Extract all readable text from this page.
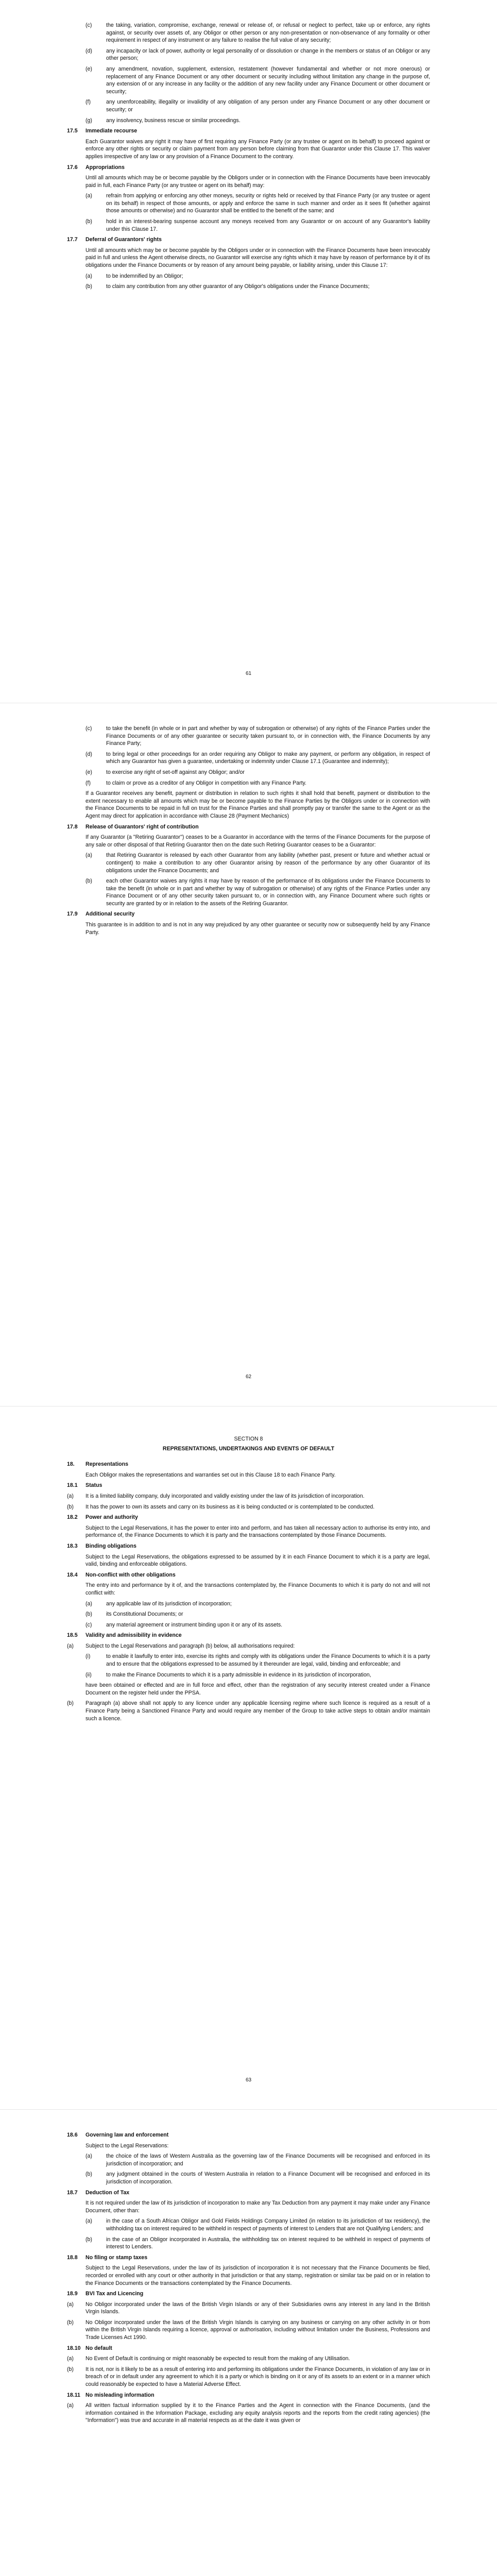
(c)	the taking, variation, compromise, exchange, renewal or release of, or refusal or neglect to perfect, take up or enforce, any rights against, or security over assets of, any Obligor or other person or any non-presentation or non-observance of any formality or other requirement in respect of any instrument or any failure to realise the full value of any security;
(d)	any incapacity or lack of power, authority or legal personality of or dissolution or change in the members or status of an Obligor or any other person;
(e)	any amendment, novation, supplement, extension, restatement (however fundamental and whether or not more onerous) or replacement of any Finance Document or any other document or security including without limitation any change in the purpose of, any extension of or any increase in any facility or the addition of any new facility under any Finance Document or other document or security;
(f)	any unenforceability, illegality or invalidity of any obligation of any person under any Finance Document or any other document or security; or
(g)	any insolvency, business rescue or similar proceedings.
17.5	Immediate recourse
Each Guarantor waives any right it may have of first requiring any Finance Party (or any trustee or agent on its behalf) to proceed against or enforce any other rights or security or claim payment from any person before claiming from that Guarantor under this Clause 17. This waiver applies irrespective of any law or any provision of a Finance Document to the contrary.
17.6	Appropriations
Until all amounts which may be or become payable by the Obligors under or in connection with the Finance Documents have been irrevocably paid in full, each Finance Party (or any trustee or agent on its behalf) may:
(a)	refrain from applying or enforcing any other moneys, security or rights held or received by that Finance Party (or any trustee or agent on its behalf) in respect of those amounts, or apply and enforce the same in such manner and order as it sees fit (whether against those amounts or otherwise) and no Guarantor shall be entitled to the benefit of the same; and
(b)	hold in an interest-bearing suspense account any moneys received from any Guarantor or on account of any Guarantor's liability under this Clause 17.
17.7	Deferral of Guarantors' rights
Until all amounts which may be or become payable by the Obligors under or in connection with the Finance Documents have been irrevocably paid in full and unless the Agent otherwise directs, no Guarantor will exercise any rights which it may have by reason of performance by it of its obligations under the Finance Documents or by reason of any amount being payable, or liability arising, under this Clause 17:
(a)	to be indemnified by an Obligor;
(b)	to claim any contribution from any other guarantor of any Obligor's obligations under the Finance Documents;
61
(c)	to take the benefit (in whole or in part and whether by way of subrogation or otherwise) of any rights of the Finance Parties under the Finance Documents or of any other guarantee or security taken pursuant to, or in connection with, the Finance Documents by any Finance Party;
(d)	to bring legal or other proceedings for an order requiring any Obligor to make any payment, or perform any obligation, in respect of which any Guarantor has given a guarantee, undertaking or indemnity under Clause 17.1 (Guarantee and indemnity);
(e)	to exercise any right of set-off against any Obligor; and/or
(f)	to claim or prove as a creditor of any Obligor in competition with any Finance Party.
If a Guarantor receives any benefit, payment or distribution in relation to such rights it shall hold that benefit, payment or distribution to the extent necessary to enable all amounts which may be or become payable to the Finance Parties by the Obligors under or in connection with the Finance Documents to be repaid in full on trust for the Finance Parties and shall promptly pay or transfer the same to the Agent or as the Agent may direct for application in accordance with Clause 28 (Payment Mechanics)
17.8	Release of Guarantors' right of contribution
If any Guarantor (a "Retiring Guarantor") ceases to be a Guarantor in accordance with the terms of the Finance Documents for the purpose of any sale or other disposal of that Retiring Guarantor then on the date such Retiring Guarantor ceases to be a Guarantor:
(a)	that Retiring Guarantor is released by each other Guarantor from any liability (whether past, present or future and whether actual or contingent) to make a contribution to any other Guarantor arising by reason of the performance by any other Guarantor of its obligations under the Finance Documents; and
(b)	each other Guarantor waives any rights it may have by reason of the performance of its obligations under the Finance Documents to take the benefit (in whole or in part and whether by way of subrogation or otherwise) of any rights of the Finance Parties under any Finance Document or of any other security taken pursuant to, or in connection with, any Finance Document where such rights or security are granted by or in relation to the assets of the Retiring Guarantor.
17.9	Additional security
This guarantee is in addition to and is not in any way prejudiced by any other guarantee or security now or subsequently held by any Finance Party.
62
SECTION 8
REPRESENTATIONS, UNDERTAKINGS AND EVENTS OF DEFAULT
18.	Representations
Each Obligor makes the representations and warranties set out in this Clause 18 to each Finance Party.
18.1	Status
(a)	It is a limited liability company, duly incorporated and validly existing under the law of its jurisdiction of incorporation.
(b)	It has the power to own its assets and carry on its business as it is being conducted or is contemplated to be conducted.
18.2	Power and authority
Subject to the Legal Reservations, it has the power to enter into and perform, and has taken all necessary action to authorise its entry into, and performance of, the Finance Documents to which it is party and the transactions contemplated by those Finance Documents.
18.3	Binding obligations
Subject to the Legal Reservations, the obligations expressed to be assumed by it in each Finance Document to which it is a party are legal, valid, binding and enforceable obligations.
18.4	Non-conflict with other obligations
The entry into and performance by it of, and the transactions contemplated by, the Finance Documents to which it is party do not and will not conflict with:
(a)	any applicable law of its jurisdiction of incorporation;
(b)	its Constitutional Documents; or
(c)	any material agreement or instrument binding upon it or any of its assets.
18.5	Validity and admissibility in evidence
(a)	Subject to the Legal Reservations and paragraph (b) below, all authorisations required:
(i)	to enable it lawfully to enter into, exercise its rights and comply with its obligations under the Finance Documents to which it is a party and to ensure that the obligations expressed to be assumed by it thereunder are legal, valid, binding and enforceable; and
(ii)	to make the Finance Documents to which it is a party admissible in evidence in its jurisdiction of incorporation,
have been obtained or effected and are in full force and effect, other than the registration of any security interest created under a Finance Document on the register held under the PPSA.
(b)	Paragraph (a) above shall not apply to any licence under any applicable licensing regime where such licence is required as a result of a Finance Party being a Sanctioned Finance Party and would require any member of the Group to take active steps to obtain and/or maintain such a licence.
63
18.6	Governing law and enforcement
Subject to the Legal Reservations:
(a)	the choice of the laws of Western Australia as the governing law of the Finance Documents will be recognised and enforced in its jurisdiction of incorporation; and
(b)	any judgment obtained in the courts of Western Australia in relation to a Finance Document will be recognised and enforced in its jurisdiction of incorporation.
18.7	Deduction of Tax
It is not required under the law of its jurisdiction of incorporation to make any Tax Deduction from any payment it may make under any Finance Document, other than:
(a)	in the case of a South African Obligor and Gold Fields Holdings Company Limited (in relation to its jurisdiction of tax residency), the withholding tax on interest required to be withheld in respect of payments of interest to Lenders that are not Qualifying Lenders; and
(b)	in the case of an Obligor incorporated in Australia, the withholding tax on interest required to be withheld in respect of payments of interest to Lenders.
18.8	No filing or stamp taxes
Subject to the Legal Reservations, under the law of its jurisdiction of incorporation it is not necessary that the Finance Documents be filed, recorded or enrolled with any court or other authority in that jurisdiction or that any stamp, registration or similar tax be paid on or in relation to the Finance Documents or the transactions contemplated by the Finance Documents.
18.9	BVI Tax and Licencing
(a)	No Obligor incorporated under the laws of the British Virgin Islands or any of their Subsidiaries owns any interest in any land in the British Virgin Islands.
(b)	No Obligor incorporated under the laws of the British Virgin Islands is carrying on any business or carrying on any other activity in or from within the British Virgin Islands requiring a licence, approval or authorisation, including without limitation under the Business, Professions and Trade Licenses Act 1990.
18.10 No default
(a)	No Event of Default is continuing or might reasonably be expected to result from the making of any Utilisation.
(b)	It is not, nor is it likely to be as a result of entering into and performing its obligations under the Finance Documents, in violation of any law or in breach of or in default under any agreement to which it is a party or which is binding on it or any of its assets to an extent or in a manner which could reasonably be expected to have a Material Adverse Effect.
18.11 No misleading information
(a)	All written factual information supplied by it to the Finance Parties and the Agent in connection with the Finance Documents, (and the information contained in the Information Package, excluding any equity analysis reports and the reports from the credit rating agencies) (the "Information") was true and accurate in all material respects as at the date it was given or
